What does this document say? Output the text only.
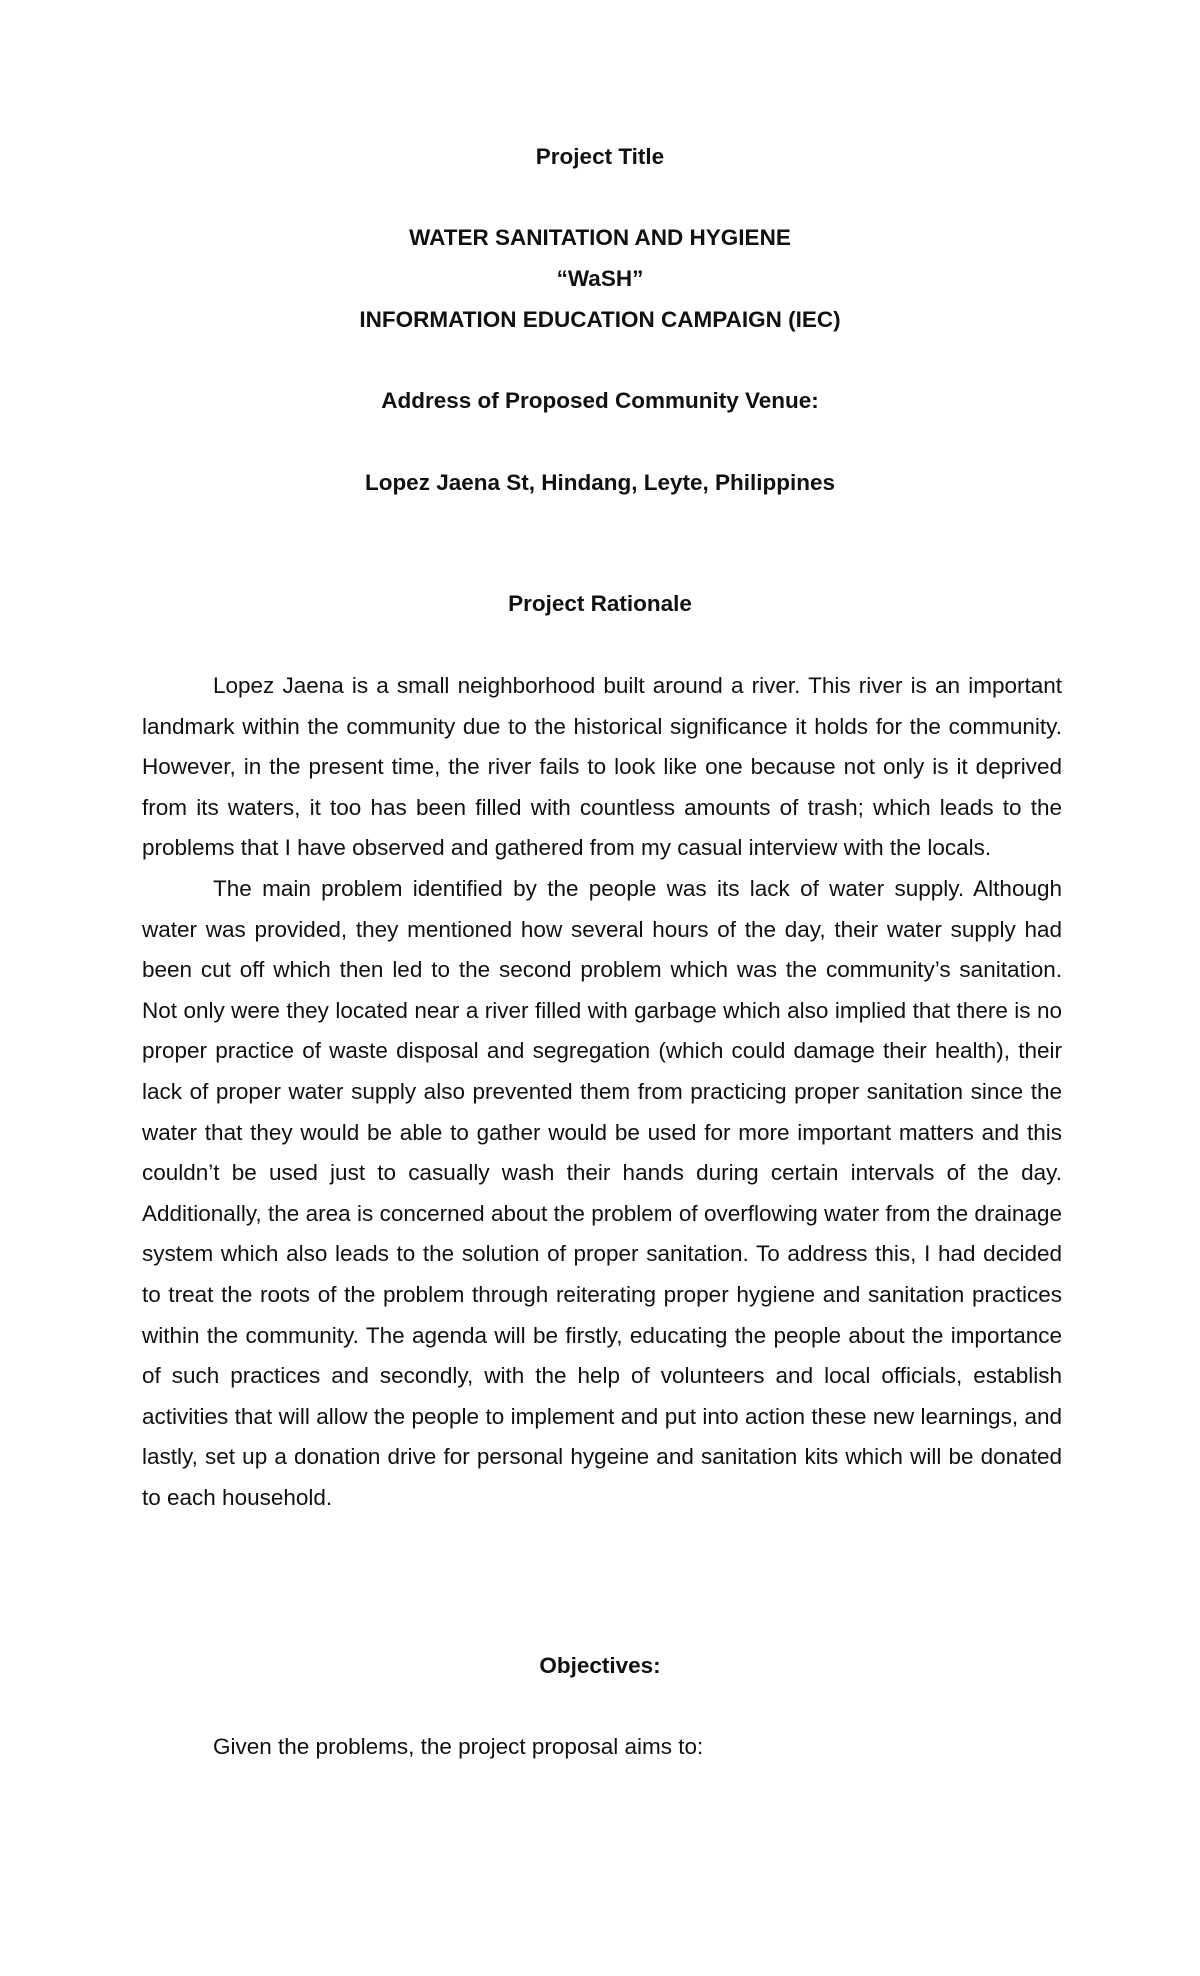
Project Title
WATER SANITATION AND HYGIENE
“WaSH”
INFORMATION EDUCATION CAMPAIGN (IEC)
Address of Proposed Community Venue:
Lopez Jaena St, Hindang, Leyte, Philippines
Project Rationale

Lopez Jaena is a small neighborhood built around a river. This river is an important landmark within the community due to the historical significance it holds for the community. However, in the present time, the river fails to look like one because not only is it deprived from its waters, it too has been filled with countless amounts of trash; which leads to the problems that I have observed and gathered from my casual interview with the locals.

The main problem identified by the people was its lack of water supply. Although water was provided, they mentioned how several hours of the day, their water supply had been cut off which then led to the second problem which was the community’s sanitation. Not only were they located near a river filled with garbage which also implied that there is no proper practice of waste disposal and segregation (which could damage their health), their lack of proper water supply also prevented them from practicing proper sanitation since the water that they would be able to gather would be used for more important matters and this couldn’t be used just to casually wash their hands during certain intervals of the day. Additionally, the area is concerned about the problem of overflowing water from the drainage system which also leads to the solution of proper sanitation. To address this, I had decided to treat the roots of the problem through reiterating proper hygiene and sanitation practices within the community. The agenda will be firstly, educating the people about the importance of such practices and secondly, with the help of volunteers and local officials, establish activities that will allow the people to implement and put into action these new learnings, and lastly, set up a donation drive for personal hygeine and sanitation kits which will be donated to each household.

Objectives:

Given the problems, the project proposal aims to:
